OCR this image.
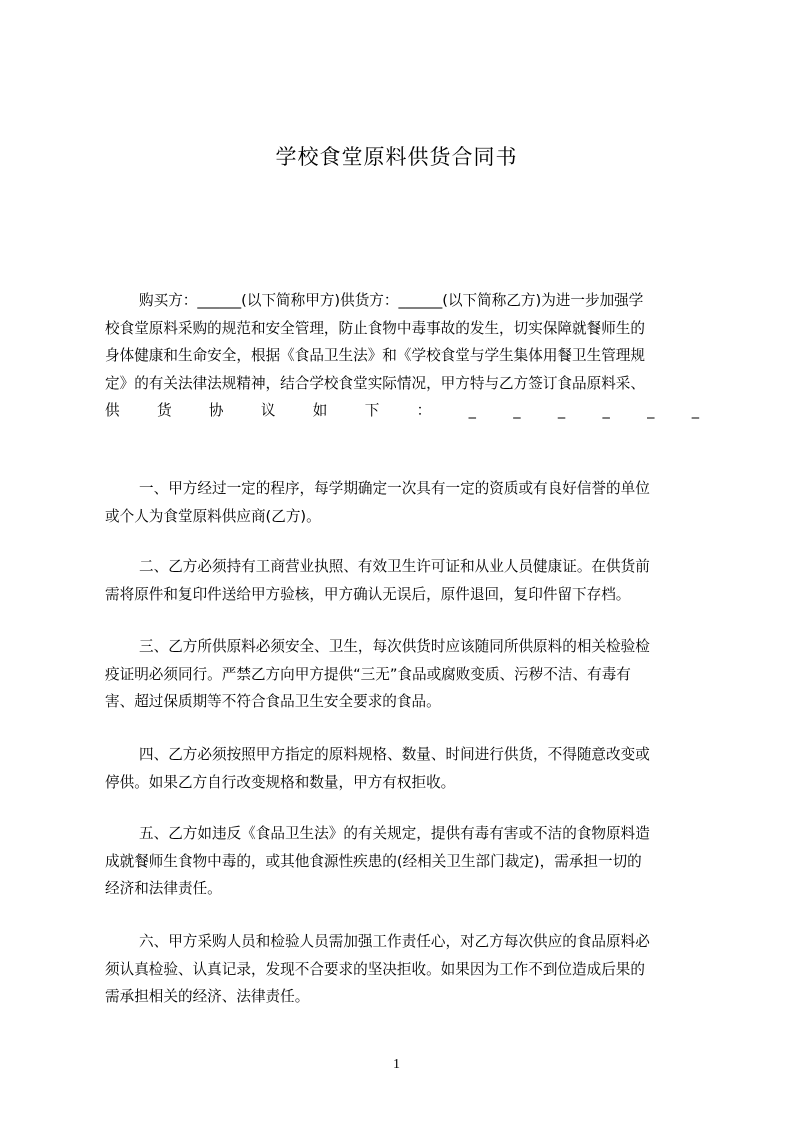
学校食堂原料供货合同书
购买方：______(以下简称甲方)供货方：______(以下简称乙方)为进一步加强学
校食堂原料采购的规范和安全管理，防止食物中毒事故的发生，切实保障就餐师生的
身体健康和生命安全，根据《食品卫生法》和《学校食堂与学生集体用餐卫生管理规
定》的有关法律法规精神，结合学校食堂实际情况，甲方特与乙方签订食品原料采、
供	货	协	议	如	下	：	_	_	_	_	_	_
一、甲方经过一定的程序，每学期确定一次具有一定的资质或有良好信誉的单位
或个人为食堂原料供应商(乙方)。
二、乙方必须持有工商营业执照、有效卫生许可证和从业人员健康证。在供货前
需将原件和复印件送给甲方验核，甲方确认无误后，原件退回，复印件留下存档。
三、乙方所供原料必须安全、卫生，每次供货时应该随同所供原料的相关检验检
疫证明必须同行。严禁乙方向甲方提供“三无”食品或腐败变质、污秽不洁、有毒有
害、超过保质期等不符合食品卫生安全要求的食品。
四、乙方必须按照甲方指定的原料规格、数量、时间进行供货，不得随意改变或
停供。如果乙方自行改变规格和数量，甲方有权拒收。
五、乙方如违反《食品卫生法》的有关规定，提供有毒有害或不洁的食物原料造
成就餐师生食物中毒的，或其他食源性疾患的(经相关卫生部门裁定)，需承担一切的
经济和法律责任。
六、甲方采购人员和检验人员需加强工作责任心，对乙方每次供应的食品原料必
须认真检验、认真记录，发现不合要求的坚决拒收。如果因为工作不到位造成后果的
需承担相关的经济、法律责任。
1
